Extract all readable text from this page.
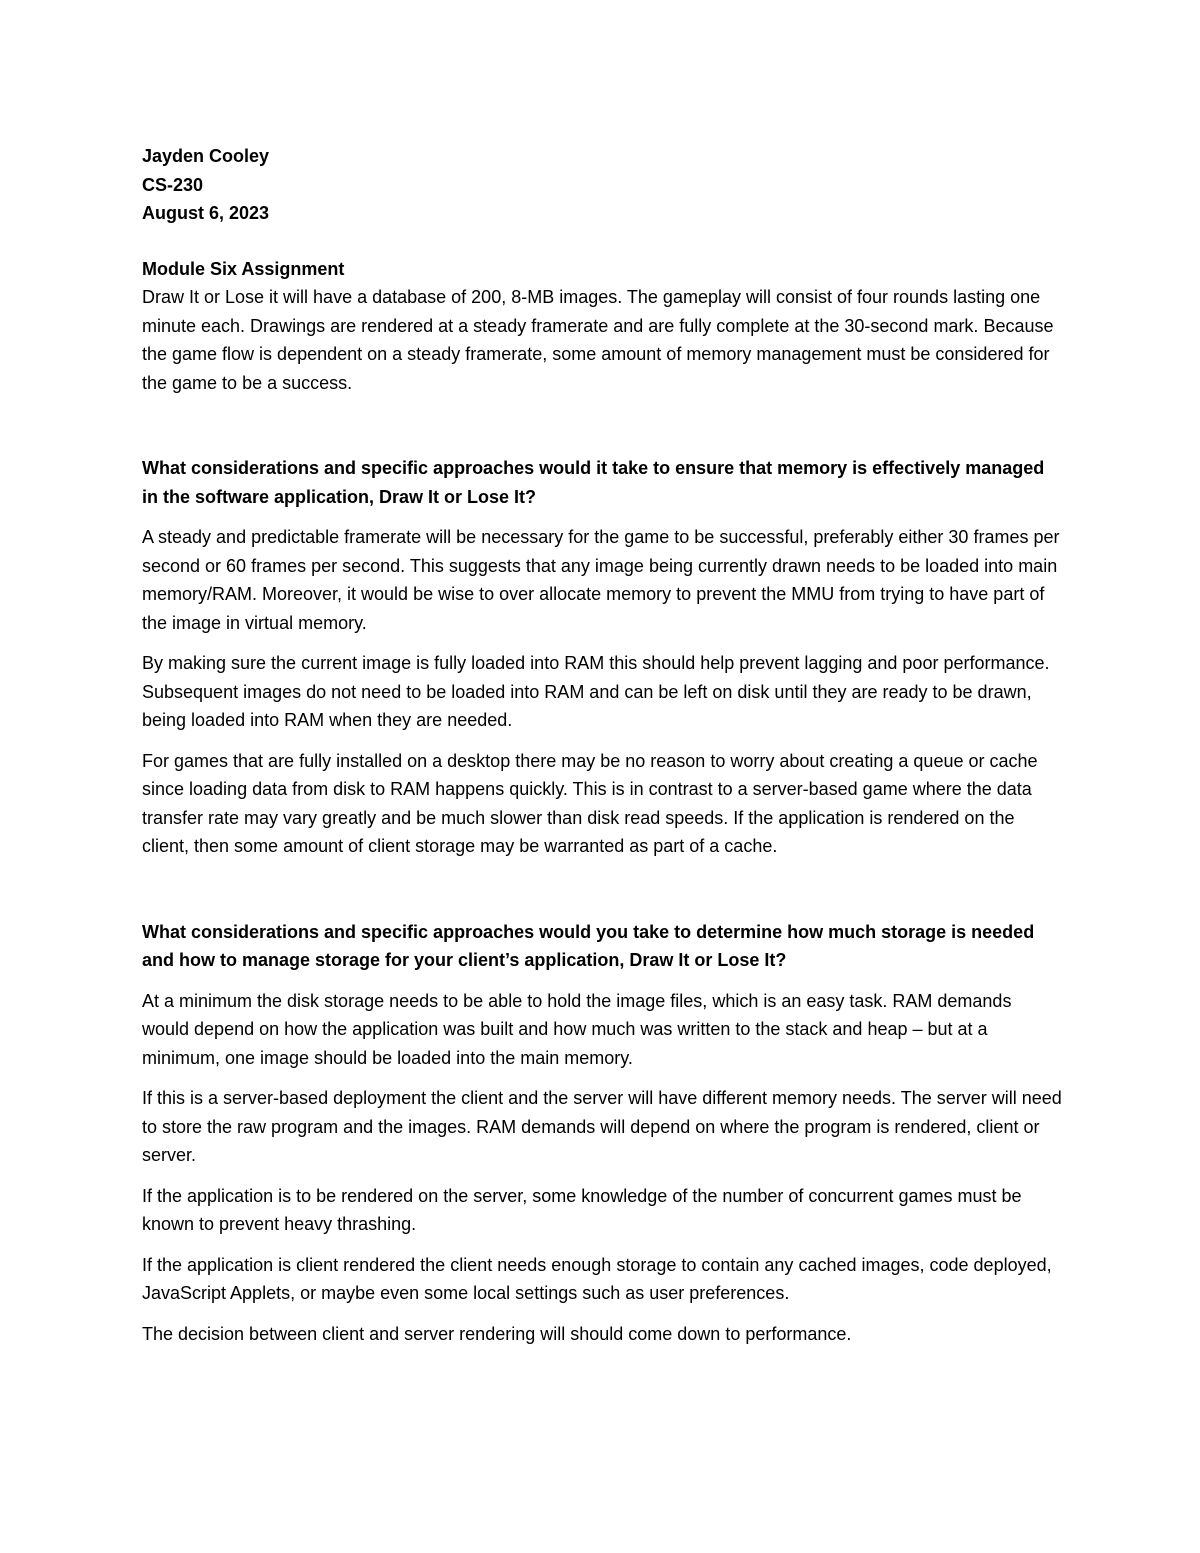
Jayden Cooley

CS-230

August 6, 2023

Module Six Assignment

Draw It or Lose it will have a database of 200, 8-MB images. The gameplay will consist of four rounds lasting one minute each. Drawings are rendered at a steady framerate and are fully complete at the 30-second mark. Because the game flow is dependent on a steady framerate, some amount of memory management must be considered for the game to be a success.

What considerations and specific approaches would it take to ensure that memory is effectively managed in the software application, Draw It or Lose It?

A steady and predictable framerate will be necessary for the game to be successful, preferably either 30 frames per second or 60 frames per second. This suggests that any image being currently drawn needs to be loaded into main memory/RAM. Moreover, it would be wise to over allocate memory to prevent the MMU from trying to have part of the image in virtual memory.

By making sure the current image is fully loaded into RAM this should help prevent lagging and poor performance. Subsequent images do not need to be loaded into RAM and can be left on disk until they are ready to be drawn, being loaded into RAM when they are needed.

For games that are fully installed on a desktop there may be no reason to worry about creating a queue or cache since loading data from disk to RAM happens quickly. This is in contrast to a server-based game where the data transfer rate may vary greatly and be much slower than disk read speeds. If the application is rendered on the client, then some amount of client storage may be warranted as part of a cache.

What considerations and specific approaches would you take to determine how much storage is needed and how to manage storage for your client’s application, Draw It or Lose It?

At a minimum the disk storage needs to be able to hold the image files, which is an easy task. RAM demands would depend on how the application was built and how much was written to the stack and heap – but at a minimum, one image should be loaded into the main memory.

If this is a server-based deployment the client and the server will have different memory needs. The server will need to store the raw program and the images. RAM demands will depend on where the program is rendered, client or server.

If the application is to be rendered on the server, some knowledge of the number of concurrent games must be known to prevent heavy thrashing.

If the application is client rendered the client needs enough storage to contain any cached images, code deployed, JavaScript Applets, or maybe even some local settings such as user preferences.

The decision between client and server rendering will should come down to performance.
